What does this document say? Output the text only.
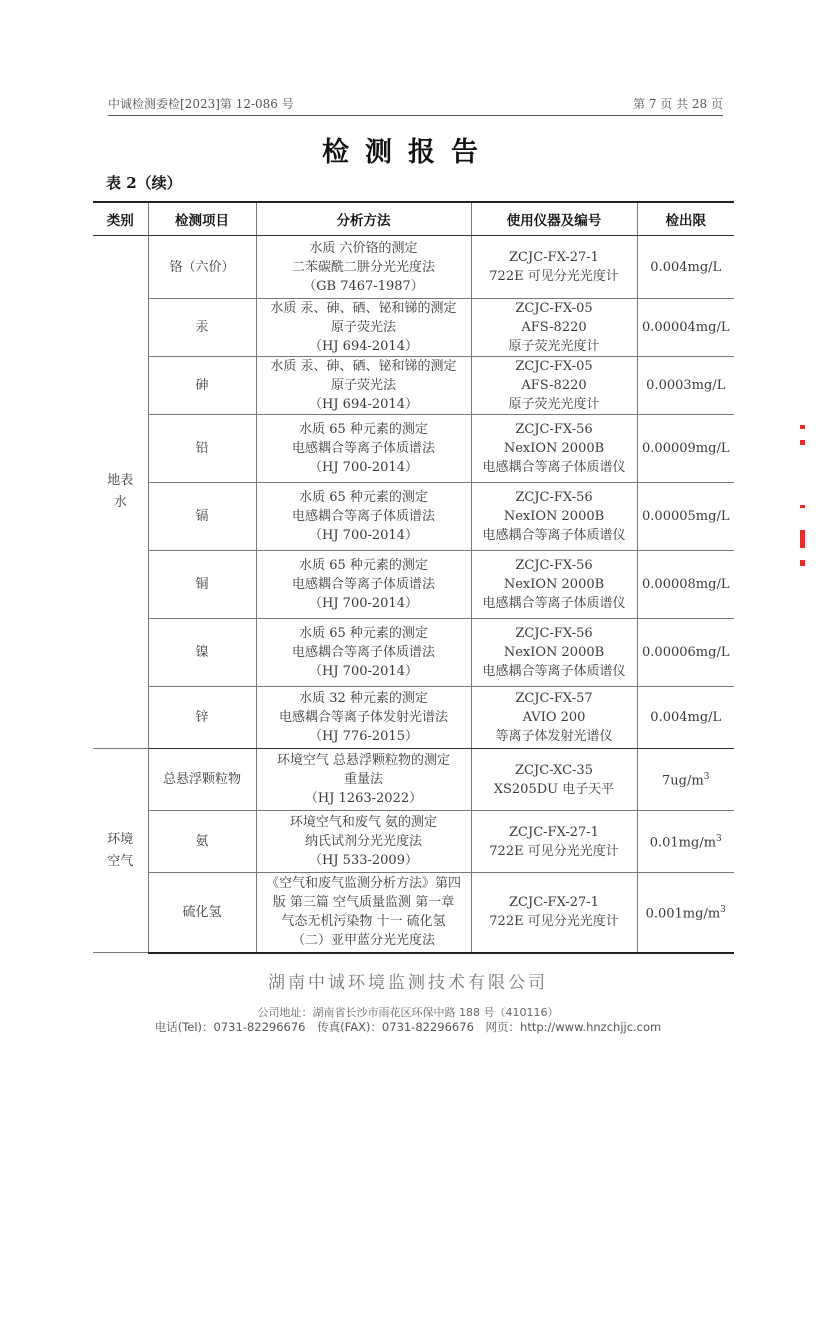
中诚检测委检[2023]第 12-086 号	第 7 页 共 28 页
检测报告
表 2（续）
类别	检测项目	分析方法	使用仪器及编号	检出限
地表水	铬（六价）	水质 六价铬的测定
二苯碳酰二肼分光光度法
（GB 7467-1987）	ZCJC-FX-27-1
722E 可见分光光度计	0.004mg/L
	汞	水质 汞、砷、硒、铋和锑的测定
原子荧光法
（HJ 694-2014）	ZCJC-FX-05
AFS-8220
原子荧光光度计	0.00004mg/L
	砷	水质 汞、砷、硒、铋和锑的测定
原子荧光法
（HJ 694-2014）	ZCJC-FX-05
AFS-8220
原子荧光光度计	0.0003mg/L
	铅	水质 65 种元素的测定
电感耦合等离子体质谱法
（HJ 700-2014）	ZCJC-FX-56
NexION 2000B
电感耦合等离子体质谱仪	0.00009mg/L
	镉	水质 65 种元素的测定
电感耦合等离子体质谱法
（HJ 700-2014）	ZCJC-FX-56
NexION 2000B
电感耦合等离子体质谱仪	0.00005mg/L
	铜	水质 65 种元素的测定
电感耦合等离子体质谱法
（HJ 700-2014）	ZCJC-FX-56
NexION 2000B
电感耦合等离子体质谱仪	0.00008mg/L
	镍	水质 65 种元素的测定
电感耦合等离子体质谱法
（HJ 700-2014）	ZCJC-FX-56
NexION 2000B
电感耦合等离子体质谱仪	0.00006mg/L
	锌	水质 32 种元素的测定
电感耦合等离子体发射光谱法
（HJ 776-2015）	ZCJC-FX-57
AVIO 200
等离子体发射光谱仪	0.004mg/L
环境空气	总悬浮颗粒物	环境空气 总悬浮颗粒物的测定
重量法
（HJ 1263-2022）	ZCJC-XC-35
XS205DU 电子天平	$7ug/m^3$
	氨	环境空气和废气 氨的测定
纳氏试剂分光光度法
（HJ 533-2009）	ZCJC-FX-27-1
722E 可见分光光度计	$0.01mg/m^3$
	硫化氢	《空气和废气监测分析方法》第四
版 第三篇 空气质量监测 第一章
气态无机污染物 十一 硫化氢
（二）亚甲蓝分光光度法	ZCJC-FX-27-1
722E 可见分光光度计	$0.001mg/m^3$
湖南中诚环境监测技术有限公司
公司地址：湖南省长沙市雨花区环保中路 188 号（410116）
电话(Tel)：0731-82296676 传真(FAX)：0731-82296676 网页：http://www.hnzchjjc.com
